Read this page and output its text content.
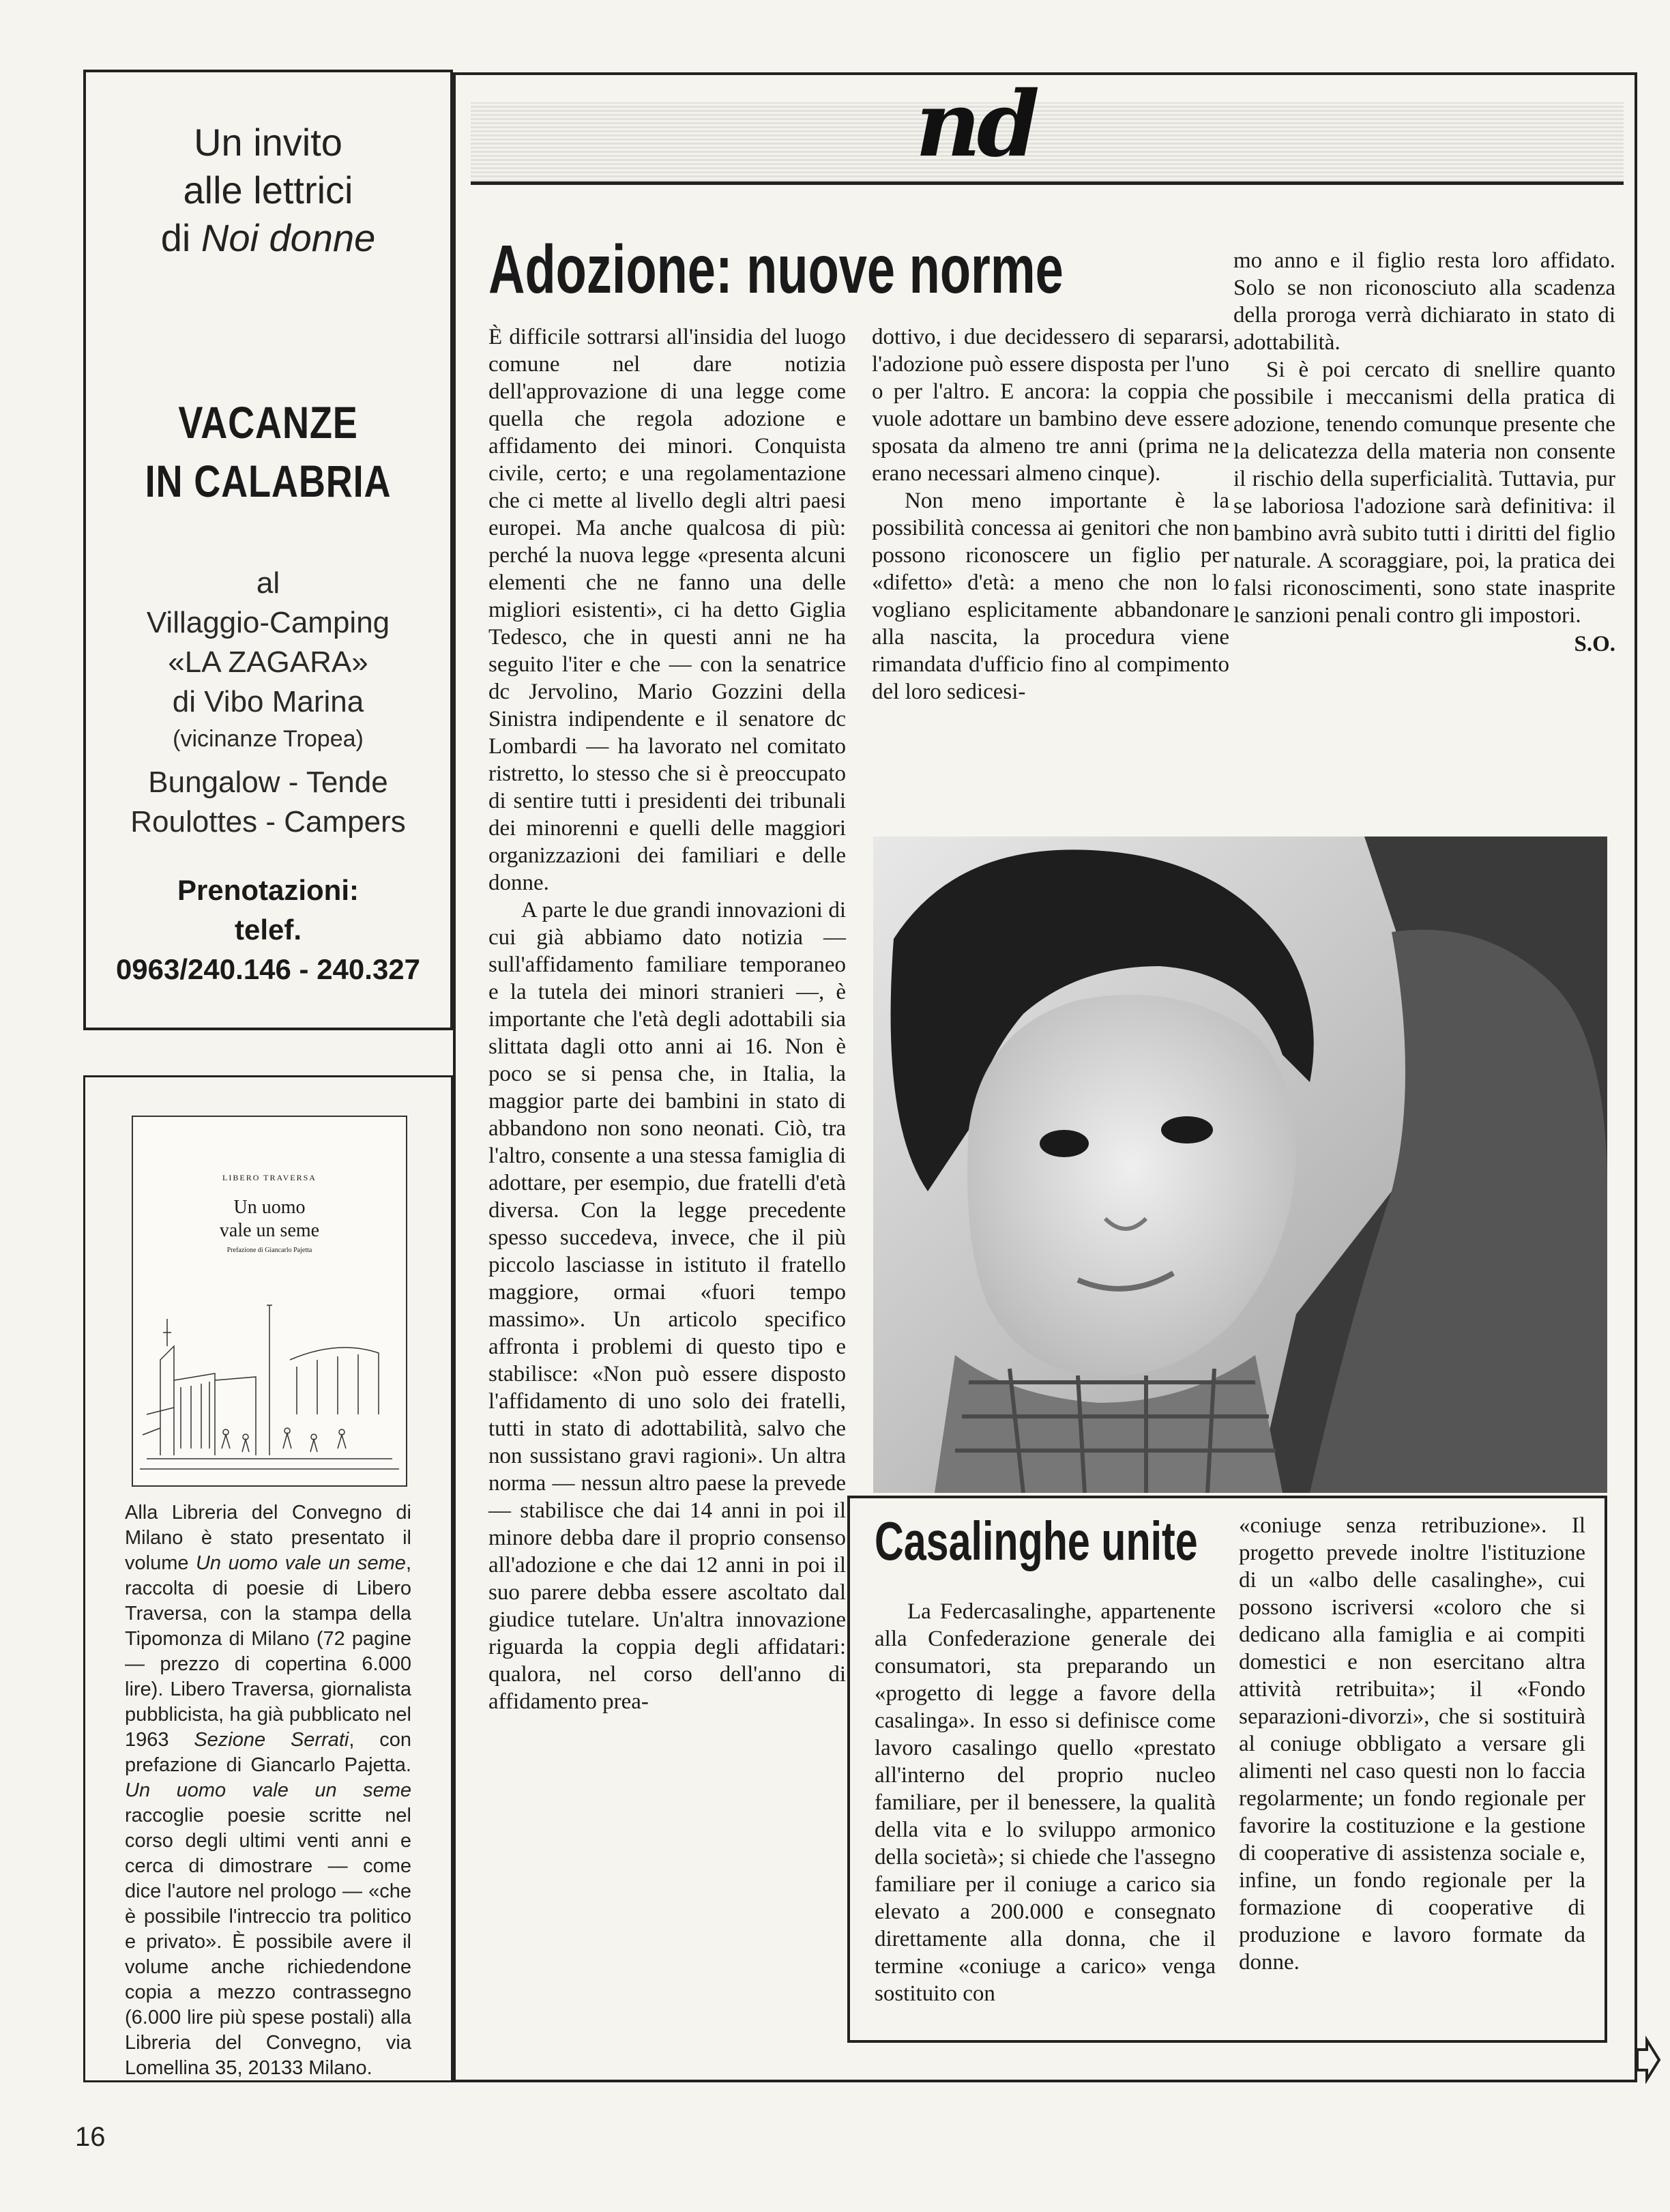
Un invito
alle lettrici
di Noi donne
VACANZE
IN CALABRIA
al
Villaggio-Camping
«LA ZAGARA»
di Vibo Marina
(vicinanze Tropea)
Bungalow - Tende
Roulottes - Campers
Prenotazioni:
telef.
0963/240.146 - 240.327
LIBERO TRAVERSA
Un uomo
vale un seme
Prefazione di Giancarlo Pajetta
Alla Libreria del Convegno di Milano è stato presentato il volume Un uomo vale un seme, raccolta di poesie di Libero Traversa, con la stampa della Tipomonza di Milano (72 pagine — prezzo di copertina 6.000 lire). Libero Traversa, giornalista pubblicista, ha già pubblicato nel 1963 Sezione Serrati, con prefazione di Giancarlo Pajetta. Un uomo vale un seme raccoglie poesie scritte nel corso degli ultimi venti anni e cerca di dimostrare — come dice l'autore nel prologo — «che è possibile l'intreccio tra politico e privato». È possibile avere il volume anche richiedendone copia a mezzo contrassegno (6.000 lire più spese postali) alla Libreria del Convegno, via Lomellina 35, 20133 Milano.
nd
Adozione: nuove norme

È difficile sottrarsi all'insidia del luogo comune nel dare notizia dell'approvazione di una legge come quella che regola adozione e affidamento dei minori. Conquista civile, certo; e una regolamentazione che ci mette al livello degli altri paesi europei. Ma anche qualcosa di più: perché la nuova legge «presenta alcuni elementi che ne fanno una delle migliori esistenti», ci ha detto Giglia Tedesco, che in questi anni ne ha seguito l'iter e che — con la senatrice dc Jervolino, Mario Gozzini della Sinistra indipendente e il senatore dc Lombardi — ha lavorato nel comitato ristretto, lo stesso che si è preoccupato di sentire tutti i presidenti dei tribunali dei minorenni e quelli delle maggiori organizzazioni dei familiari e delle donne.

A parte le due grandi innovazioni di cui già abbiamo dato notizia — sull'affidamento familiare temporaneo e la tutela dei minori stranieri —, è importante che l'età degli adottabili sia slittata dagli otto anni ai 16. Non è poco se si pensa che, in Italia, la maggior parte dei bambini in stato di abbandono non sono neonati. Ciò, tra l'altro, consente a una stessa famiglia di adottare, per esempio, due fratelli d'età diversa. Con la legge precedente spesso succedeva, invece, che il più piccolo lasciasse in istituto il fratello maggiore, ormai «fuori tempo massimo». Un articolo specifico affronta i problemi di questo tipo e stabilisce: «Non può essere disposto l'affidamento di uno solo dei fratelli, tutti in stato di adottabilità, salvo che non sussistano gravi ragioni». Un altra norma — nessun altro paese la prevede — stabilisce che dai 14 anni in poi il minore debba dare il proprio consenso all'adozione e che dai 12 anni in poi il suo parere debba essere ascoltato dal giudice tutelare. Un'altra innovazione riguarda la coppia degli affidatari: qualora, nel corso dell'anno di affidamento prea-

dottivo, i due decidessero di separarsi, l'adozione può essere disposta per l'uno o per l'altro. E ancora: la coppia che vuole adottare un bambino deve essere sposata da almeno tre anni (prima ne erano necessari almeno cinque).

Non meno importante è la possibilità concessa ai genitori che non possono riconoscere un figlio per «difetto» d'età: a meno che non lo vogliano esplicitamente abbandonare alla nascita, la procedura viene rimandata d'ufficio fino al compimento del loro sedicesi-

mo anno e il figlio resta loro affidato. Solo se non riconosciuto alla scadenza della proroga verrà dichiarato in stato di adottabilità.

Si è poi cercato di snellire quanto possibile i meccanismi della pratica di adozione, tenendo comunque presente che la delicatezza della materia non consente il rischio della superficialità. Tuttavia, pur se laboriosa l'adozione sarà definitiva: il bambino avrà subito tutti i diritti del figlio naturale. A scoraggiare, poi, la pratica dei falsi riconoscimenti, sono state inasprite le sanzioni penali contro gli impostori.

S.O.
Casalinghe unite

La Federcasalinghe, appartenente alla Confederazione generale dei consumatori, sta preparando un «progetto di legge a favore della casalinga». In esso si definisce come lavoro casalingo quello «prestato all'interno del proprio nucleo familiare, per il benessere, la qualità della vita e lo sviluppo armonico della società»; si chiede che l'assegno familiare per il coniuge a carico sia elevato a 200.000 e consegnato direttamente alla donna, che il termine «coniuge a carico» venga sostituito con

«coniuge senza retribuzione». Il progetto prevede inoltre l'istituzione di un «albo delle casalinghe», cui possono iscriversi «coloro che si dedicano alla famiglia e ai compiti domestici e non esercitano altra attività retribuita»; il «Fondo separazioni-divorzi», che si sostituirà al coniuge obbligato a versare gli alimenti nel caso questi non lo faccia regolarmente; un fondo regionale per favorire la costituzione e la gestione di cooperative di assistenza sociale e, infine, un fondo regionale per la formazione di cooperative di produzione e lavoro formate da donne.

16
